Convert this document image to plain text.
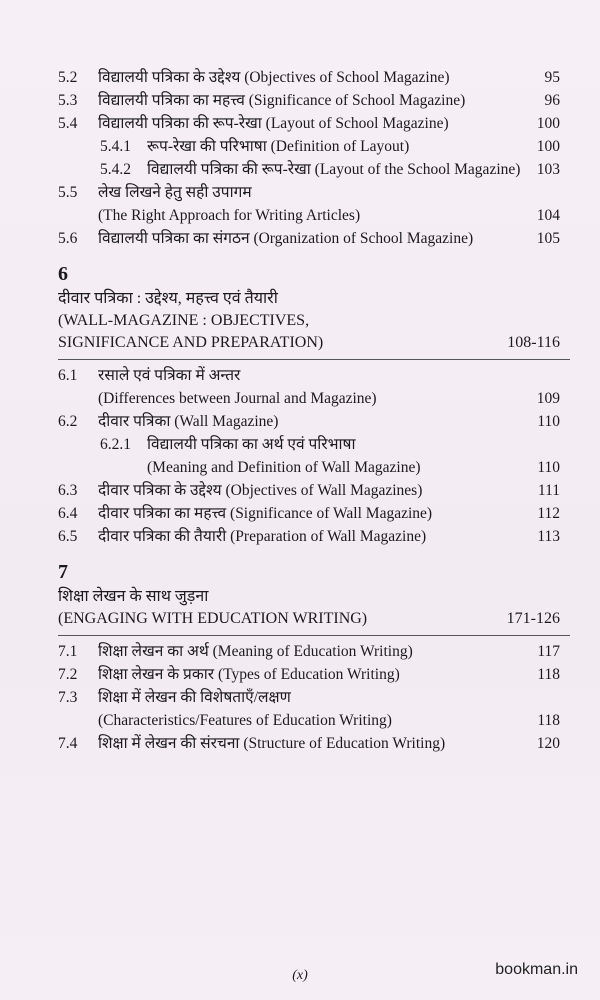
5.2 विद्यालयी पत्रिका के उद्देश्य (Objectives of School Magazine)	95
5.3 विद्यालयी पत्रिका का महत्त्व (Significance of School Magazine)	96
5.4 विद्यालयी पत्रिका की रूप-रेखा (Layout of School Magazine)	100
5.4.1 रूप-रेखा की परिभाषा (Definition of Layout)	100
5.4.2 विद्यालयी पत्रिका की रूप-रेखा (Layout of the School Magazine) 103
5.5 लेख लिखने हेतु सही उपागम
(The Right Approach for Writing Articles)	104
5.6 विद्यालयी पत्रिका का संगठन (Organization of School Magazine)	105
6
दीवार पत्रिका : उद्देश्य, महत्त्व एवं तैयारी
(WALL-MAGAZINE : OBJECTIVES,
SIGNIFICANCE AND PREPARATION)	108-116
6.1 रसाले एवं पत्रिका में अन्तर
(Differences between Journal and Magazine)	109
6.2 दीवार पत्रिका (Wall Magazine)	110
6.2.1 विद्यालयी पत्रिका का अर्थ एवं परिभाषा
(Meaning and Definition of Wall Magazine)	110
6.3 दीवार पत्रिका के उद्देश्य (Objectives of Wall Magazines)	111
6.4 दीवार पत्रिका का महत्त्व (Significance of Wall Magazine)	112
6.5 दीवार पत्रिका की तैयारी (Preparation of Wall Magazine)	113
7
शिक्षा लेखन के साथ जुड़ना
(ENGAGING WITH EDUCATION WRITING)	171-126
7.1 शिक्षा लेखन का अर्थ (Meaning of Education Writing)	117
7.2 शिक्षा लेखन के प्रकार (Types of Education Writing)	118
7.3 शिक्षा में लेखन की विशेषताएँ/लक्षण
(Characteristics/Features of Education Writing)	118
7.4 शिक्षा में लेखन की संरचना (Structure of Education Writing)	120
(x)	bookman.in
